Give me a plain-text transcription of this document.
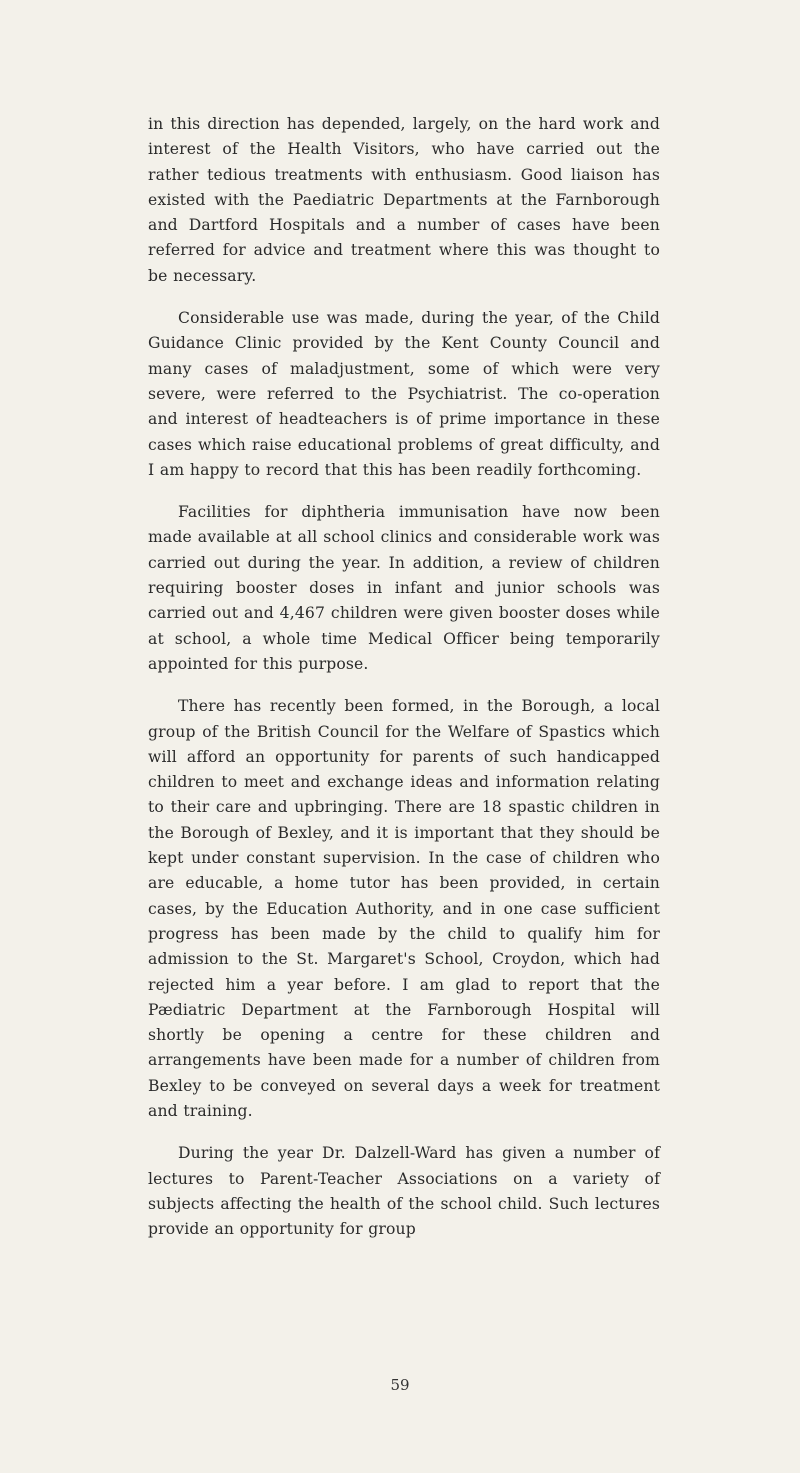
in this direction has depended, largely, on the hard work and interest of the Health Visitors, who have carried out the rather tedious treatments with enthusiasm. Good liaison has existed with the Paediatric Departments at the Farnborough and Dartford Hospitals and a number of cases have been referred for advice and treatment where this was thought to be necessary.

Considerable use was made, during the year, of the Child Guidance Clinic provided by the Kent County Council and many cases of maladjustment, some of which were very severe, were referred to the Psychiatrist. The co-operation and interest of headteachers is of prime importance in these cases which raise educational problems of great difficulty, and I am happy to record that this has been readily forthcoming.

Facilities for diphtheria immunisation have now been made available at all school clinics and considerable work was carried out during the year. In addition, a review of children requiring booster doses in infant and junior schools was carried out and 4,467 children were given booster doses while at school, a whole time Medical Officer being temporarily appointed for this purpose.

There has recently been formed, in the Borough, a local group of the British Council for the Welfare of Spastics which will afford an opportunity for parents of such handicapped children to meet and exchange ideas and information relating to their care and upbringing. There are 18 spastic children in the Borough of Bexley, and it is important that they should be kept under constant supervision. In the case of children who are educable, a home tutor has been provided, in certain cases, by the Education Authority, and in one case sufficient progress has been made by the child to qualify him for admission to the St. Margaret's School, Croydon, which had rejected him a year before. I am glad to report that the Pædiatric Department at the Farnborough Hospital will shortly be opening a centre for these children and arrangements have been made for a number of children from Bexley to be conveyed on several days a week for treatment and training.

During the year Dr. Dalzell-Ward has given a number of lectures to Parent-Teacher Associations on a variety of subjects affecting the health of the school child. Such lectures provide an opportunity for group

59
